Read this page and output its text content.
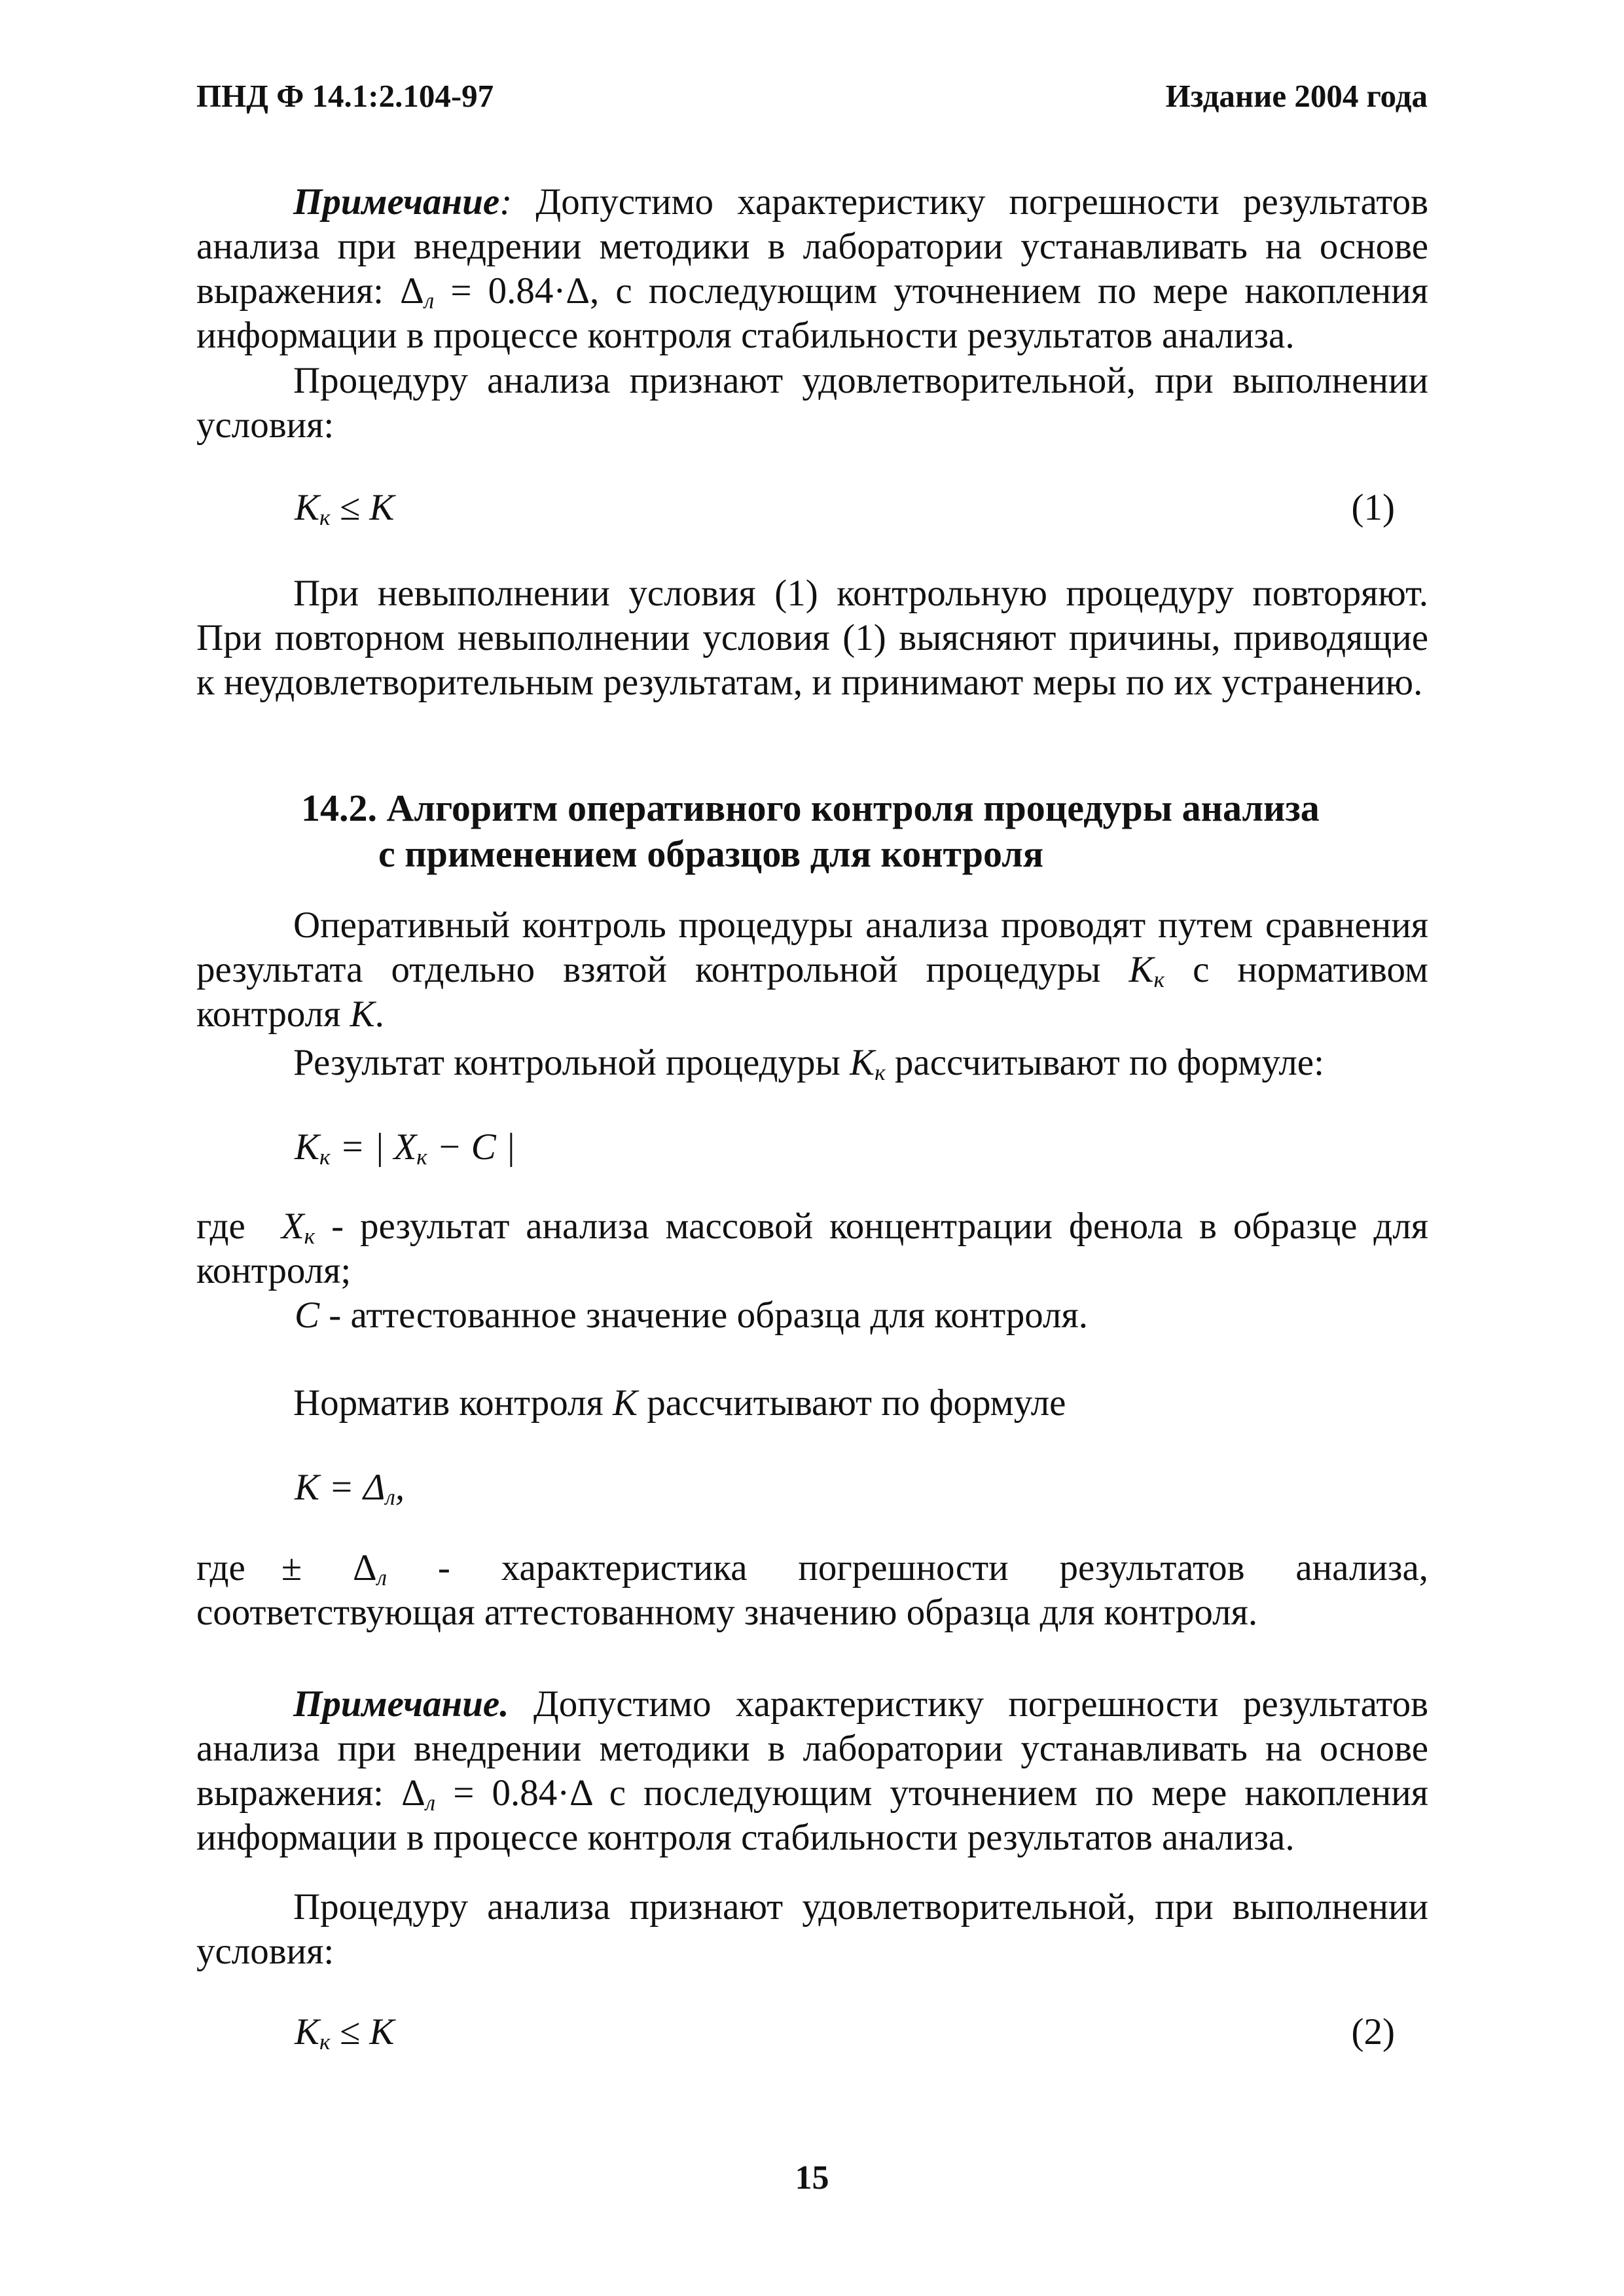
ПНД Ф 14.1:2.104-97	Издание 2004 года
Примечание: Допустимо характеристику погрешности результатов анализа при внедрении методики в лаборатории устанавливать на основе выражения: $\Delta_л = 0.84\cdot\Delta$, с последующим уточнением по мере накопления информации в процессе контроля стабильности результатов анализа.
Процедуру анализа признают удовлетворительной, при выполнении условия:
$K_к \le K$	(1)
При невыполнении условия (1) контрольную процедуру повторяют. При повторном невыполнении условия (1) выясняют причины, приводящие к неудовлетворительным результатам, и принимают меры по их устранению.
14.2. Алгоритм оперативного контроля процедуры анализа
с применением образцов для контроля
Оперативный контроль процедуры анализа проводят путем сравнения результата отдельно взятой контрольной процедуры $K_к$ с нормативом контроля K.
Результат контрольной процедуры $K_к$ рассчитывают по формуле:
$K_к$ = | $X_к - C$ |
где $X_к$ - результат анализа массовой концентрации фенола в образце для контроля;
C - аттестованное значение образца для контроля.
Норматив контроля K рассчитывают по формуле
$K = \Delta_л$,
где ± $\Delta_л$ - характеристика погрешности результатов анализа, соответствующая аттестованному значению образца для контроля.
Примечание. Допустимо характеристику погрешности результатов анализа при внедрении методики в лаборатории устанавливать на основе выражения: $\Delta_л = 0.84\cdot\Delta$ с последующим уточнением по мере накопления информации в процессе контроля стабильности результатов анализа.
Процедуру анализа признают удовлетворительной, при выполнении условия:
$K_к \le K$	(2)
15
